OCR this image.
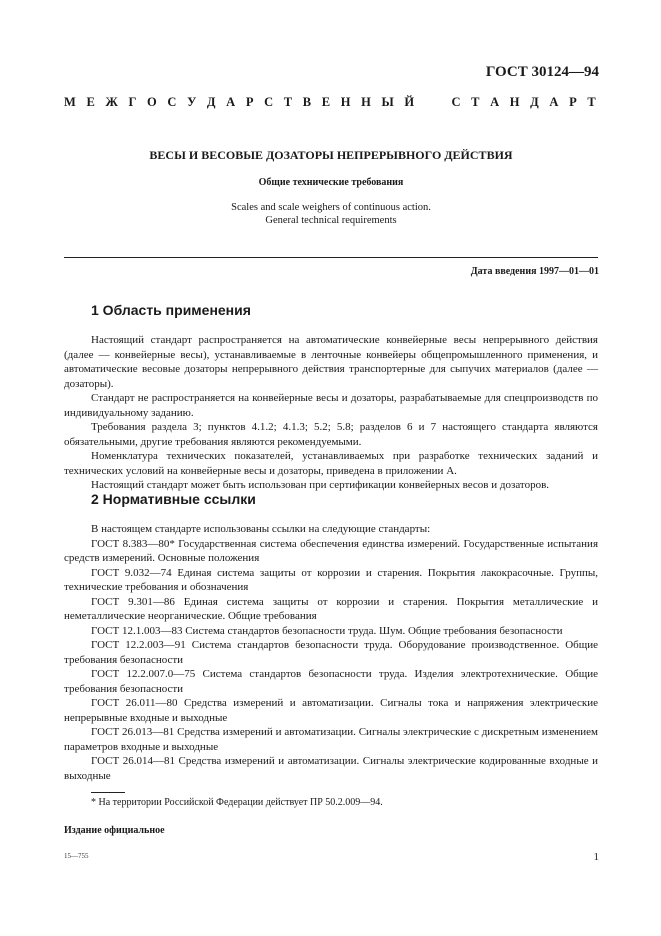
ГОСТ 30124—94
М Е Ж Г О С У Д А Р С Т В Е Н Н Ы Й	С Т А Н Д А Р Т
ВЕСЫ И ВЕСОВЫЕ ДОЗАТОРЫ НЕПРЕРЫВНОГО ДЕЙСТВИЯ
Общие технические требования
Scales and scale weighers of continuous action.
General technical requirements
Дата введения 1997—01—01
1 Область применения

Настоящий стандарт распространяется на автоматические конвейерные весы непрерывного действия (далее — конвейерные весы), устанавливаемые в ленточные конвейеры общепромышленного применения, и автоматические весовые дозаторы непрерывного действия транспортерные для сыпучих материалов (далее — дозаторы).

Стандарт не распространяется на конвейерные весы и дозаторы, разрабатываемые для спецпроизводств по индивидуальному заданию.

Требования раздела 3; пунктов 4.1.2; 4.1.3; 5.2; 5.8; разделов 6 и 7 настоящего стандарта являются обязательными, другие требования являются рекомендуемыми.

Номенклатура технических показателей, устанавливаемых при разработке технических заданий и технических условий на конвейерные весы и дозаторы, приведена в приложении А.

Настоящий стандарт может быть использован при сертификации конвейерных весов и дозаторов.

2 Нормативные ссылки

В настоящем стандарте использованы ссылки на следующие стандарты:

ГОСТ 8.383—80* Государственная система обеспечения единства измерений. Государственные испытания средств измерений. Основные положения

ГОСТ 9.032—74 Единая система защиты от коррозии и старения. Покрытия лакокрасочные. Группы, технические требования и обозначения

ГОСТ 9.301—86 Единая система защиты от коррозии и старения. Покрытия металлические и неметаллические неорганические. Общие требования

ГОСТ 12.1.003—83 Система стандартов безопасности труда. Шум. Общие требования безопасности

ГОСТ 12.2.003—91 Система стандартов безопасности труда. Оборудование производственное. Общие требования безопасности

ГОСТ 12.2.007.0—75 Система стандартов безопасности труда. Изделия электротехнические. Общие требования безопасности

ГОСТ 26.011—80 Средства измерений и автоматизации. Сигналы тока и напряжения электрические непрерывные входные и выходные

ГОСТ 26.013—81 Средства измерений и автоматизации. Сигналы электрические с дискретным изменением параметров входные и выходные

ГОСТ 26.014—81 Средства измерений и автоматизации. Сигналы электрические кодированные входные и выходные

* На территории Российской Федерации действует ПР 50.2.009—94.
Издание официальное
15—755	1
